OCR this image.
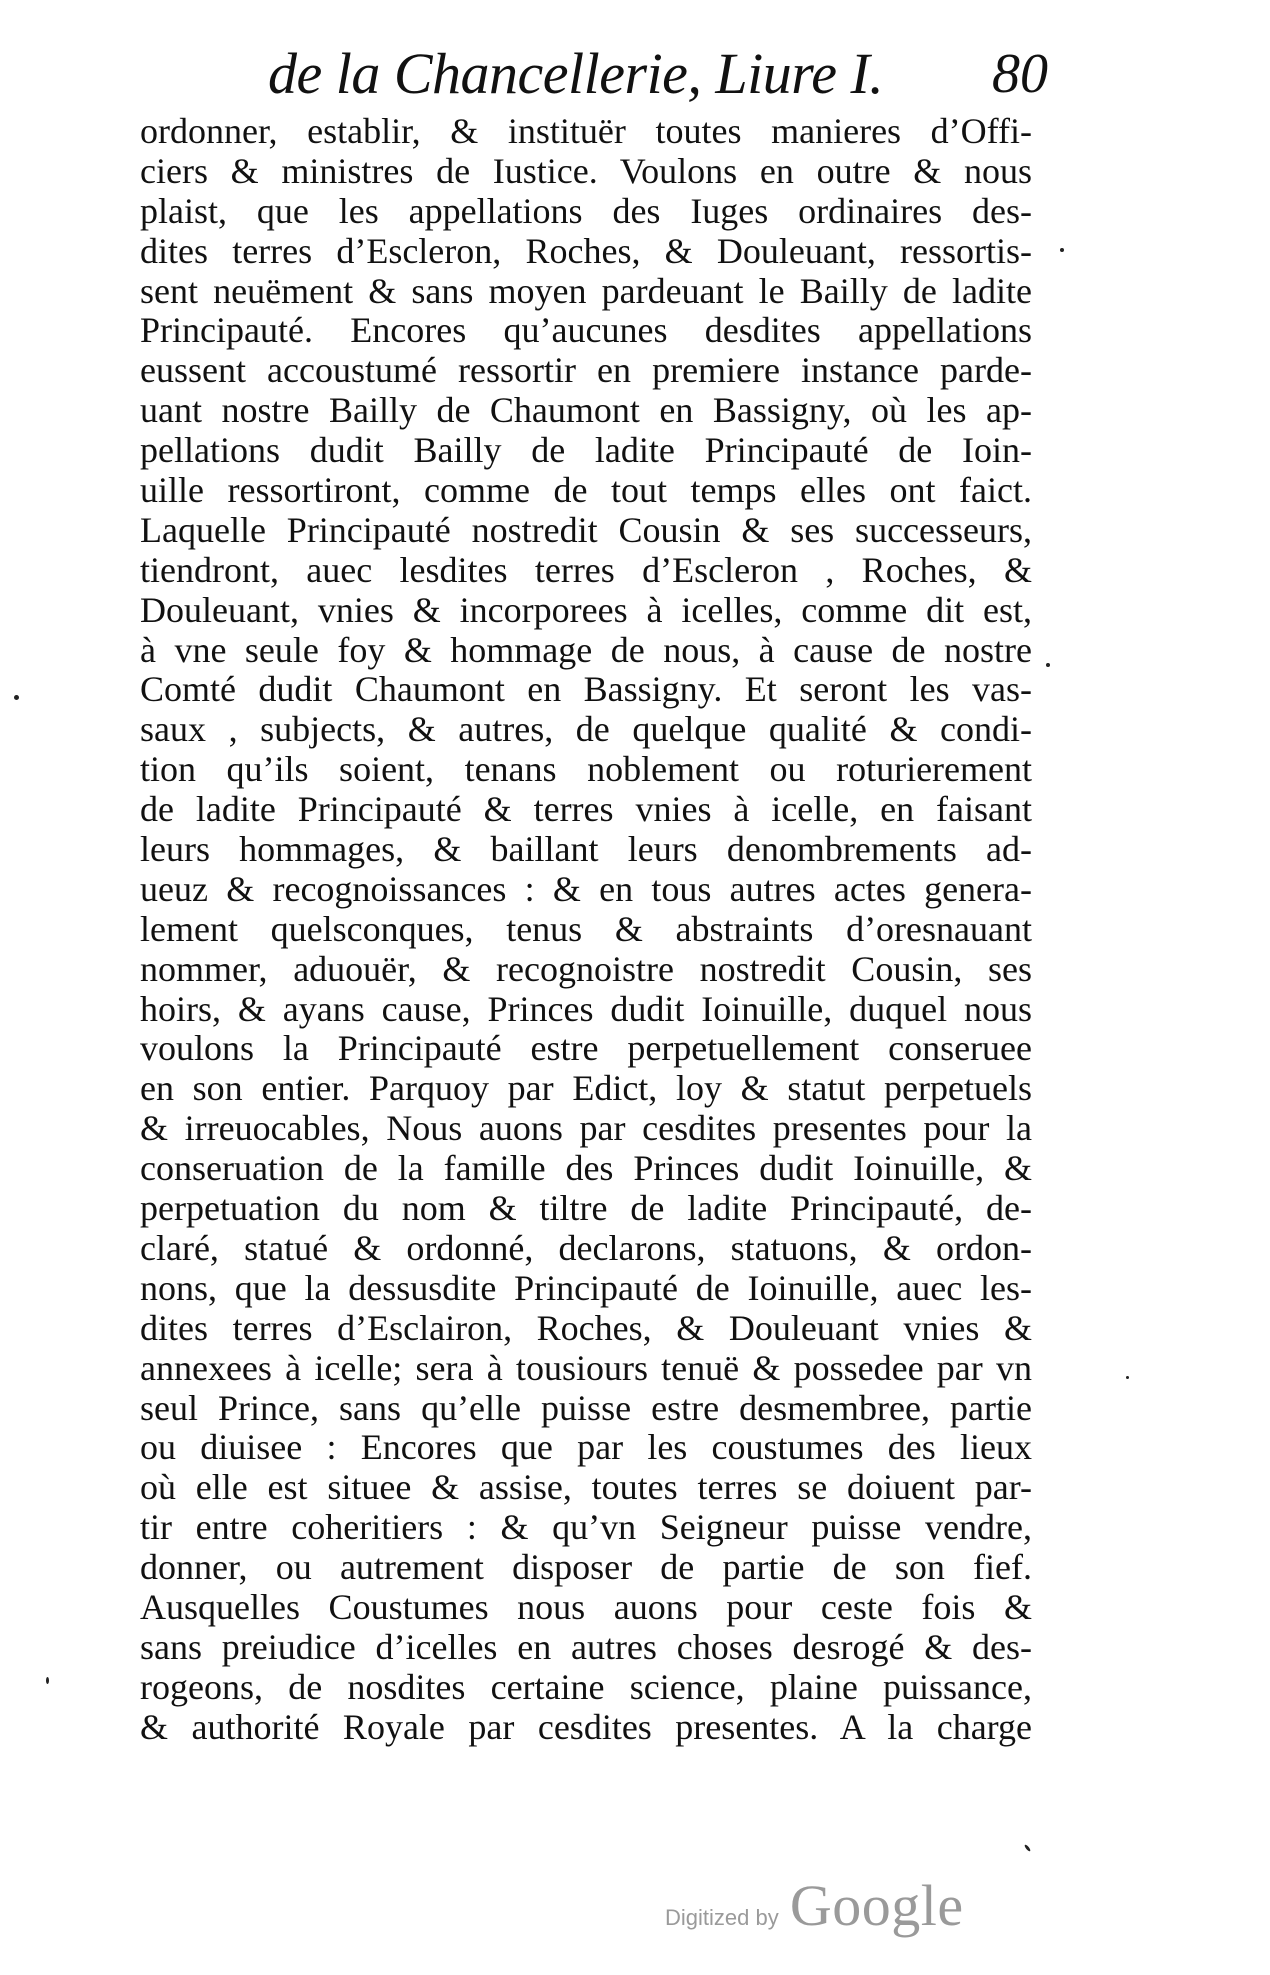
de la Chancellerie, Liure I. 80
ordonner, establir, & instituër toutes manieres d’Offi-
ciers & ministres de Iustice. Voulons en outre & nous
plaist, que les appellations des Iuges ordinaires des-
dites terres d’Escleron, Roches, & Douleuant, ressortis-
sent neuëment & sans moyen pardeuant le Bailly de ladite
Principauté. Encores qu’aucunes desdites appellations
eussent accoustumé ressortir en premiere instance parde-
uant nostre Bailly de Chaumont en Bassigny, où les ap-
pellations dudit Bailly de ladite Principauté de Ioin-
uille ressortiront, comme de tout temps elles ont faict.
Laquelle Principauté nostredit Cousin & ses successeurs,
tiendront, auec lesdites terres d’Escleron , Roches, &
Douleuant, vnies & incorporees à icelles, comme dit est,
à vne seule foy & hommage de nous, à cause de nostre
Comté dudit Chaumont en Bassigny. Et seront les vas-
saux , subjects, & autres, de quelque qualité & condi-
tion qu’ils soient, tenans noblement ou roturierement
de ladite Principauté & terres vnies à icelle, en faisant
leurs hommages, & baillant leurs denombrements ad-
ueuz & recognoissances : & en tous autres actes genera-
lement quelsconques, tenus & abstraints d’oresnauant
nommer, aduouër, & recognoistre nostredit Cousin, ses
hoirs, & ayans cause, Princes dudit Ioinuille, duquel nous
voulons la Principauté estre perpetuellement conseruee
en son entier. Parquoy par Edict, loy & statut perpetuels
& irreuocables, Nous auons par cesdites presentes pour la
conseruation de la famille des Princes dudit Ioinuille, &
perpetuation du nom & tiltre de ladite Principauté, de-
claré, statué & ordonné, declarons, statuons, & ordon-
nons, que la dessusdite Principauté de Ioinuille, auec les-
dites terres d’Esclairon, Roches, & Douleuant vnies &
annexees à icelle; sera à tousiours tenuë & possedee par vn
seul Prince, sans qu’elle puisse estre desmembree, partie
ou diuisee : Encores que par les coustumes des lieux
où elle est situee & assise, toutes terres se doiuent par-
tir entre coheritiers : & qu’vn Seigneur puisse vendre,
donner, ou autrement disposer de partie de son fief.
Ausquelles Coustumes nous auons pour ceste fois &
sans preiudice d’icelles en autres choses desrogé & des-
rogeons, de nosdites certaine science, plaine puissance,
& authorité Royale par cesdites presentes. A la charge
Digitized by Google
